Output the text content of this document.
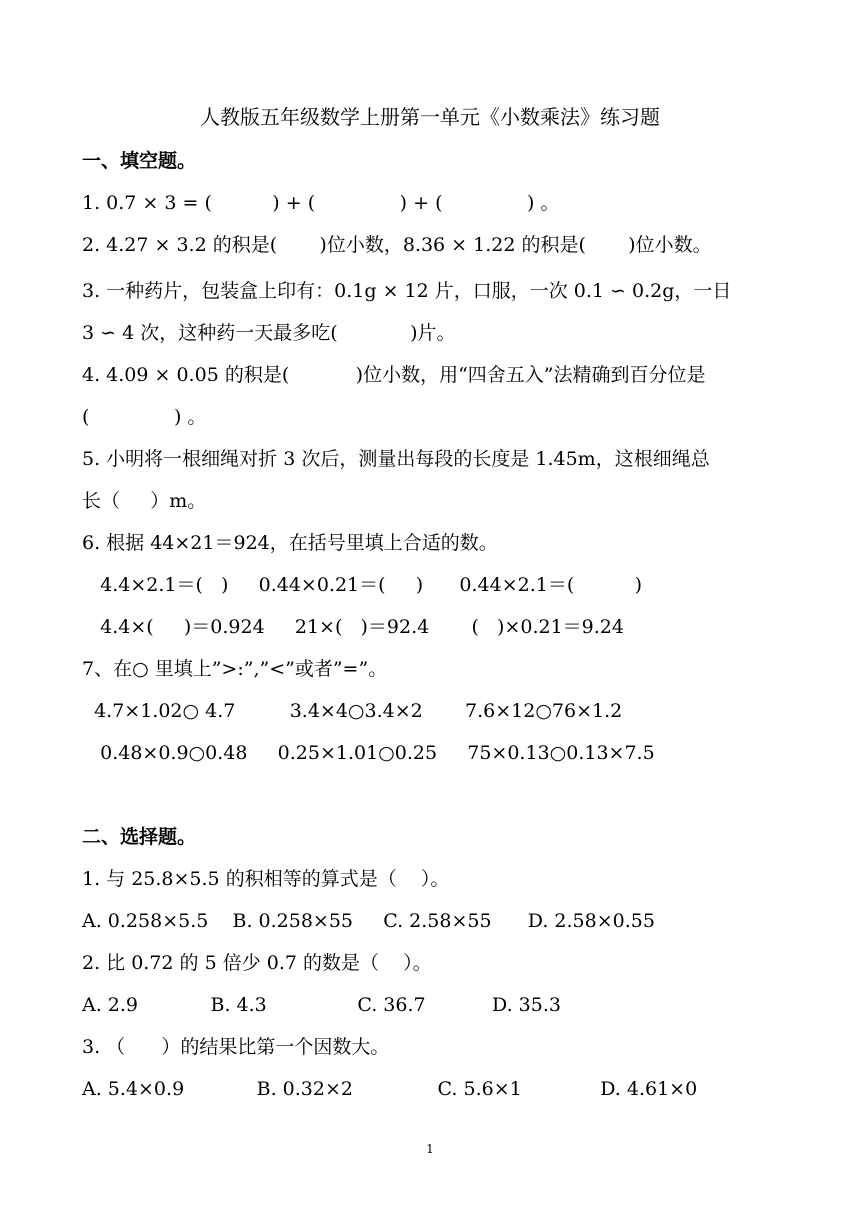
人教版五年级数学上册第一单元《小数乘法》练习题
一、填空题。
1. 0.7 × 3 = (          ) + (              ) + (              ) 。
2. 4.27 × 3.2 的积是(       )位小数，8.36 × 1.22 的积是(       )位小数。
3. 一种药片，包装盒上印有：0.1g × 12 片，口服，一次 0.1 ∽ 0.2g，一日
3 ∽ 4 次，这种药一天最多吃(            )片。
4. 4.09 × 0.05 的积是(           )位小数，用“四舍五入”法精确到百分位是
(              ) 。
5. 小明将一根细绳对折 3 次后，测量出每段的长度是 1.45m，这根细绳总
长（     ）m。
6. 根据 44×21＝924，在括号里填上合适的数。
4.4×2.1＝(   )     0.44×0.21＝(     )      0.44×2.1＝(          )
4.4×(     )＝0.924     21×(   )＝92.4       (   )×0.21＝9.24
7、在○ 里填上”>:”,”<”或者”=”。
4.7×1.02○ 4.7         3.4×4○3.4×2       7.6×12○76×1.2
0.48×0.9○0.48     0.25×1.01○0.25     75×0.13○0.13×7.5
二、选择题。
1. 与 25.8×5.5 的积相等的算式是（    ）。
A. 0.258×5.5    B. 0.258×55     C. 2.58×55      D. 2.58×0.55
2. 比 0.72 的 5 倍少 0.7 的数是（    ）。
A. 2.9            B. 4.3               C. 36.7           D. 35.3
3. （      ）的结果比第一个因数大。
A. 5.4×0.9            B. 0.32×2              C. 5.6×1             D. 4.61×0
1
